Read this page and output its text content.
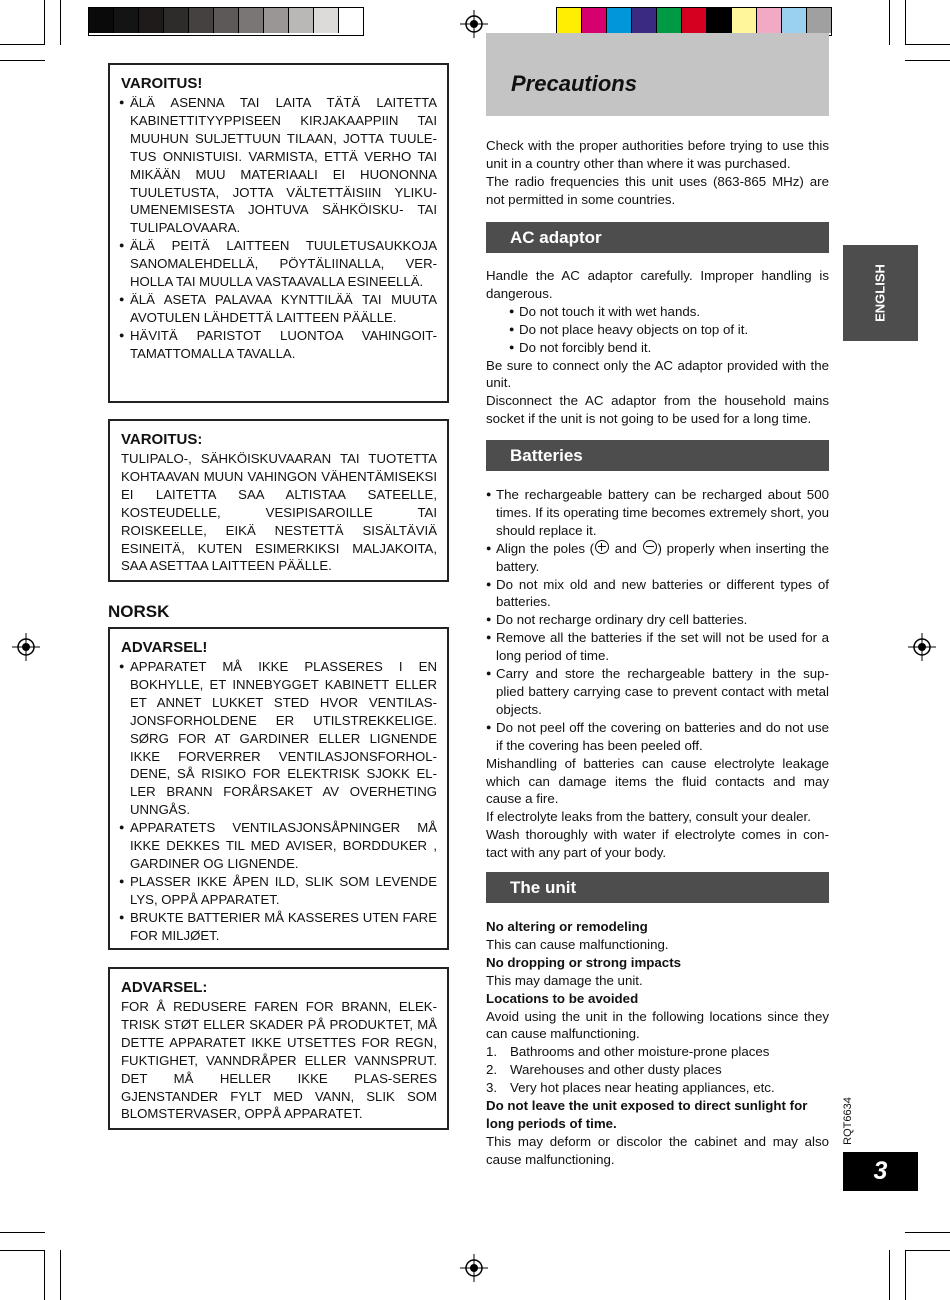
VAROITUS!
● ÄLÄ ASENNA TAI LAITA TÄTÄ LAITETTA KABINETTITYYPPISEEN KIRJAKAAPPIIN TAI MUUHUN SULJETTUUN TILAAN, JOTTA TUULE-TUS ONNISTUISI. VARMISTA, ETTÄ VERHO TAI MIKÄÄN MUU MATERIAALI EI HUONONNA TUULETUSTA, JOTTA VÄLTETTÄISIIN YLIKU-UMENEMISESTA JOHTUVA SÄHKÖISKU- TAI TULIPALOVAARA.
● ÄLÄ PEITÄ LAITTEEN TUULETUSAUKKOJA SANOMALEHDELLÄ, PÖYTÄLIINALLA, VER-HOLLA TAI MUULLA VASTAAVALLA ESINEELLÄ.
● ÄLÄ ASETA PALAVAA KYNTTILÄÄ TAI MUUTA AVOTULEN LÄHDETTÄ LAITTEEN PÄÄLLE.
● HÄVITÄ PARISTOT LUONTOA VAHINGOIT-TAMATTOMALLA TAVALLA.
VAROITUS:
TULIPALO-, SÄHKÖISKUVAARAN TAI TUOTETTA KOHTAAVAN MUUN VAHINGON VÄHENTÄMISEKSI EI LAITETTA SAA ALTISTAA SATEELLE, KOSTEUDELLE, VESIPISAROILLE TAI ROISKEELLE, EIKÄ NESTETTÄ SISÄLTÄVIÄ ESINEITÄ, KUTEN ESIMERKIKSI MALJAKOITA, SAA ASETTAA LAITTEEN PÄÄLLE.
NORSK
ADVARSEL!
● APPARATET MÅ IKKE PLASSERES I EN BOKHYLLE, ET INNEBYGGET KABINETT ELLER ET ANNET LUKKET STED HVOR VENTILAS-JONSFORHOLDENE ER UTILSTREKKELIGE. SØRG FOR AT GARDINER ELLER LIGNENDE IKKE FORVERRER VENTILASJONSFORHOL-DENE, SÅ RISIKO FOR ELEKTRISK SJOKK EL-LER BRANN FORÅRSAKET AV OVERHETING UNNGÅS.
● APPARATETS VENTILASJONSÅPNINGER MÅ IKKE DEKKES TIL MED AVISER, BORDDUKER , GARDINER OG LIGNENDE.
● PLASSER IKKE ÅPEN ILD, SLIK SOM LEVENDE LYS, OPPÅ APPARATET.
● BRUKTE BATTERIER MÅ KASSERES UTEN FARE FOR MILJØET.
ADVARSEL:
FOR Å REDUSERE FAREN FOR BRANN, ELEK-TRISK STØT ELLER SKADER PÅ PRODUKTET, MÅ DETTE APPARATET IKKE UTSETTES FOR REGN, FUKTIGHET, VANNDRÅPER ELLER VANNSPRUT. DET MÅ HELLER IKKE PLAS-SERES GJENSTANDER FYLT MED VANN, SLIK SOM BLOMSTERVASER, OPPÅ APPARATET.
Precautions

Check with the proper authorities before trying to use this unit in a country other than where it was purchased.

The radio frequencies this unit uses (863-865 MHz) are not permitted in some countries.

AC adaptor

Handle the AC adaptor carefully. Improper handling is dangerous.

● Do not touch it with wet hands.
● Do not place heavy objects on top of it.
● Do not forcibly bend it.

Be sure to connect only the AC adaptor provided with the unit.

Disconnect the AC adaptor from the household mains socket if the unit is not going to be used for a long time.

Batteries
● The rechargeable battery can be recharged about 500 times. If its operating time becomes extremely short, you should replace it.
● Align the poles ( and ) properly when inserting the battery.
● Do not mix old and new batteries or different types of batteries.
● Do not recharge ordinary dry cell batteries.
● Remove all the batteries if the set will not be used for a long period of time.
● Carry and store the rechargeable battery in the sup-plied battery carrying case to prevent contact with metal objects.
● Do not peel off the covering on batteries and do not use if the covering has been peeled off.

Mishandling of batteries can cause electrolyte leakage which can damage items the fluid contacts and may cause a fire.

If electrolyte leaks from the battery, consult your dealer.

Wash thoroughly with water if electrolyte comes in con-tact with any part of your body.

The unit

No altering or remodeling

This can cause malfunctioning.

No dropping or strong impacts

This may damage the unit.

Locations to be avoided

Avoid using the unit in the following locations since they can cause malfunctioning.

1. Bathrooms and other moisture-prone places
2. Warehouses and other dusty places
3. Very hot places near heating appliances, etc.

Do not leave the unit exposed to direct sunlight for long periods of time.

This may deform or discolor the cabinet and may also cause malfunctioning.

ENGLISH
RQT6634
3
